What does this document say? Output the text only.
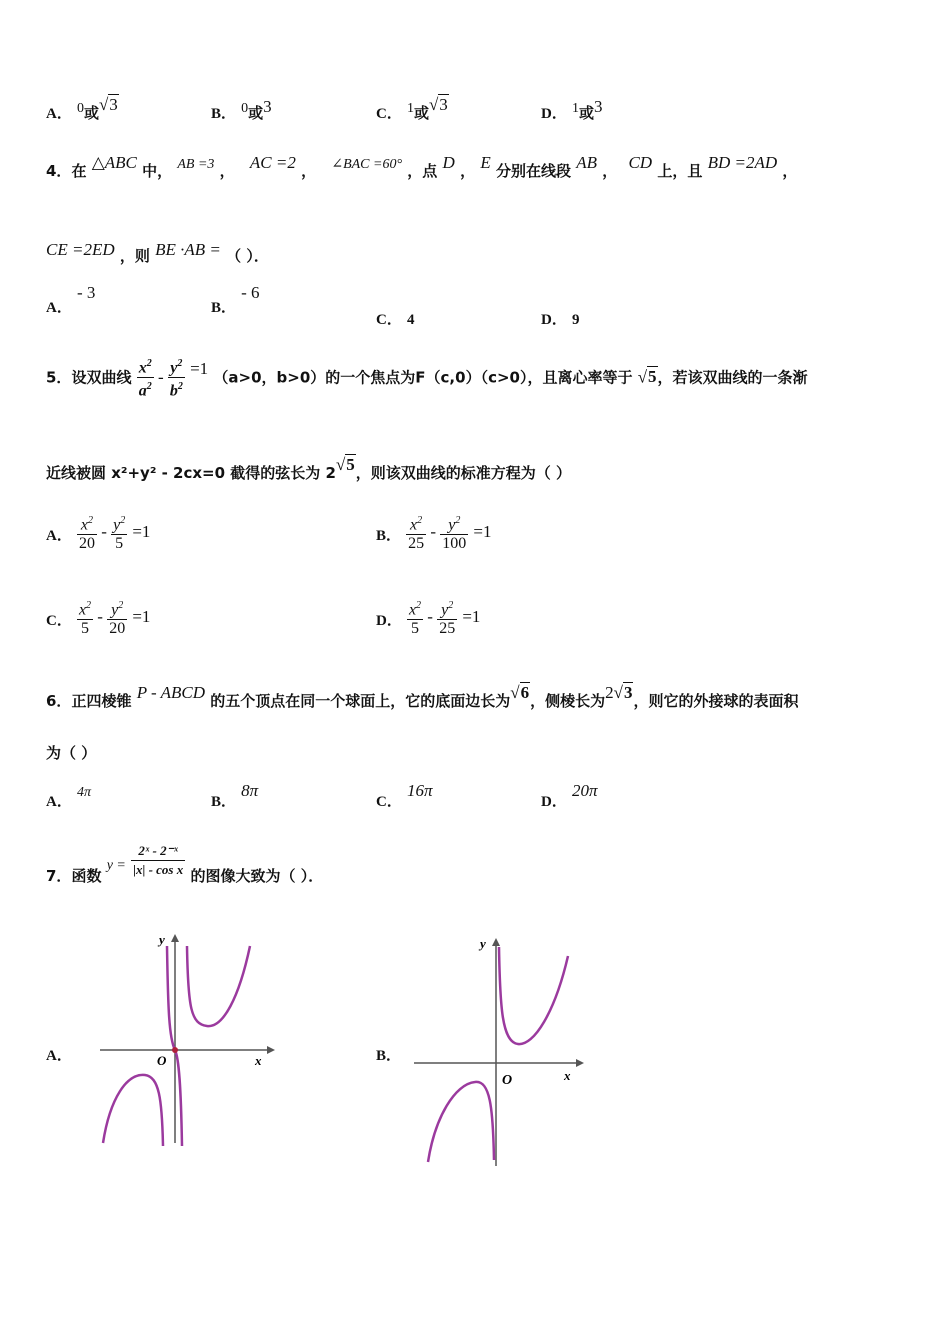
A． 0或√3	B． 0或3	C． 1或√3	D． 1或3
4．在 △ABC 中， AB =3 ， AC =2 ， ∠BAC =60° ，点 D ， E 分别在线段 AB ， CD 上，且 BD =2AD ，
CE =2ED ，则 BE ·AB = （ ）．
A． - 3
B． - 6
C． 4	D． 9
5．设双曲线 $\frac{x^2}{a^2} - \frac{y^2}{b^2} =1$ （a>0，b>0）的一个焦点为F（c,0）（c>0），且离心率等于 √5，若该双曲线的一条渐
近线被圆 x²+y² - 2cx=0 截得的弦长为 2√5，则该双曲线的标准方程为（ ）
A． $\frac{x^2}{20} - \frac{y^2}{5} =1$	B． $\frac{x^2}{25} - \frac{y^2}{100} =1$
C． $\frac{x^2}{5} - \frac{y^2}{20} =1$	D． $\frac{x^2}{5} - \frac{y^2}{25} =1$
6．正四棱锥 P - ABCD 的五个顶点在同一个球面上，它的底面边长为√6，侧棱长为2√3，则它的外接球的表面积
为（ ）
A． 4π
B． 8π
C． 16π
D． 20π
7．函数 $y = \frac{\text{2ˣ - 2⁻ˣ}}{\text{|x| - cos x}}$ 的图像大致为（ ）．
A．	x
y
O	B．
x
y
O
